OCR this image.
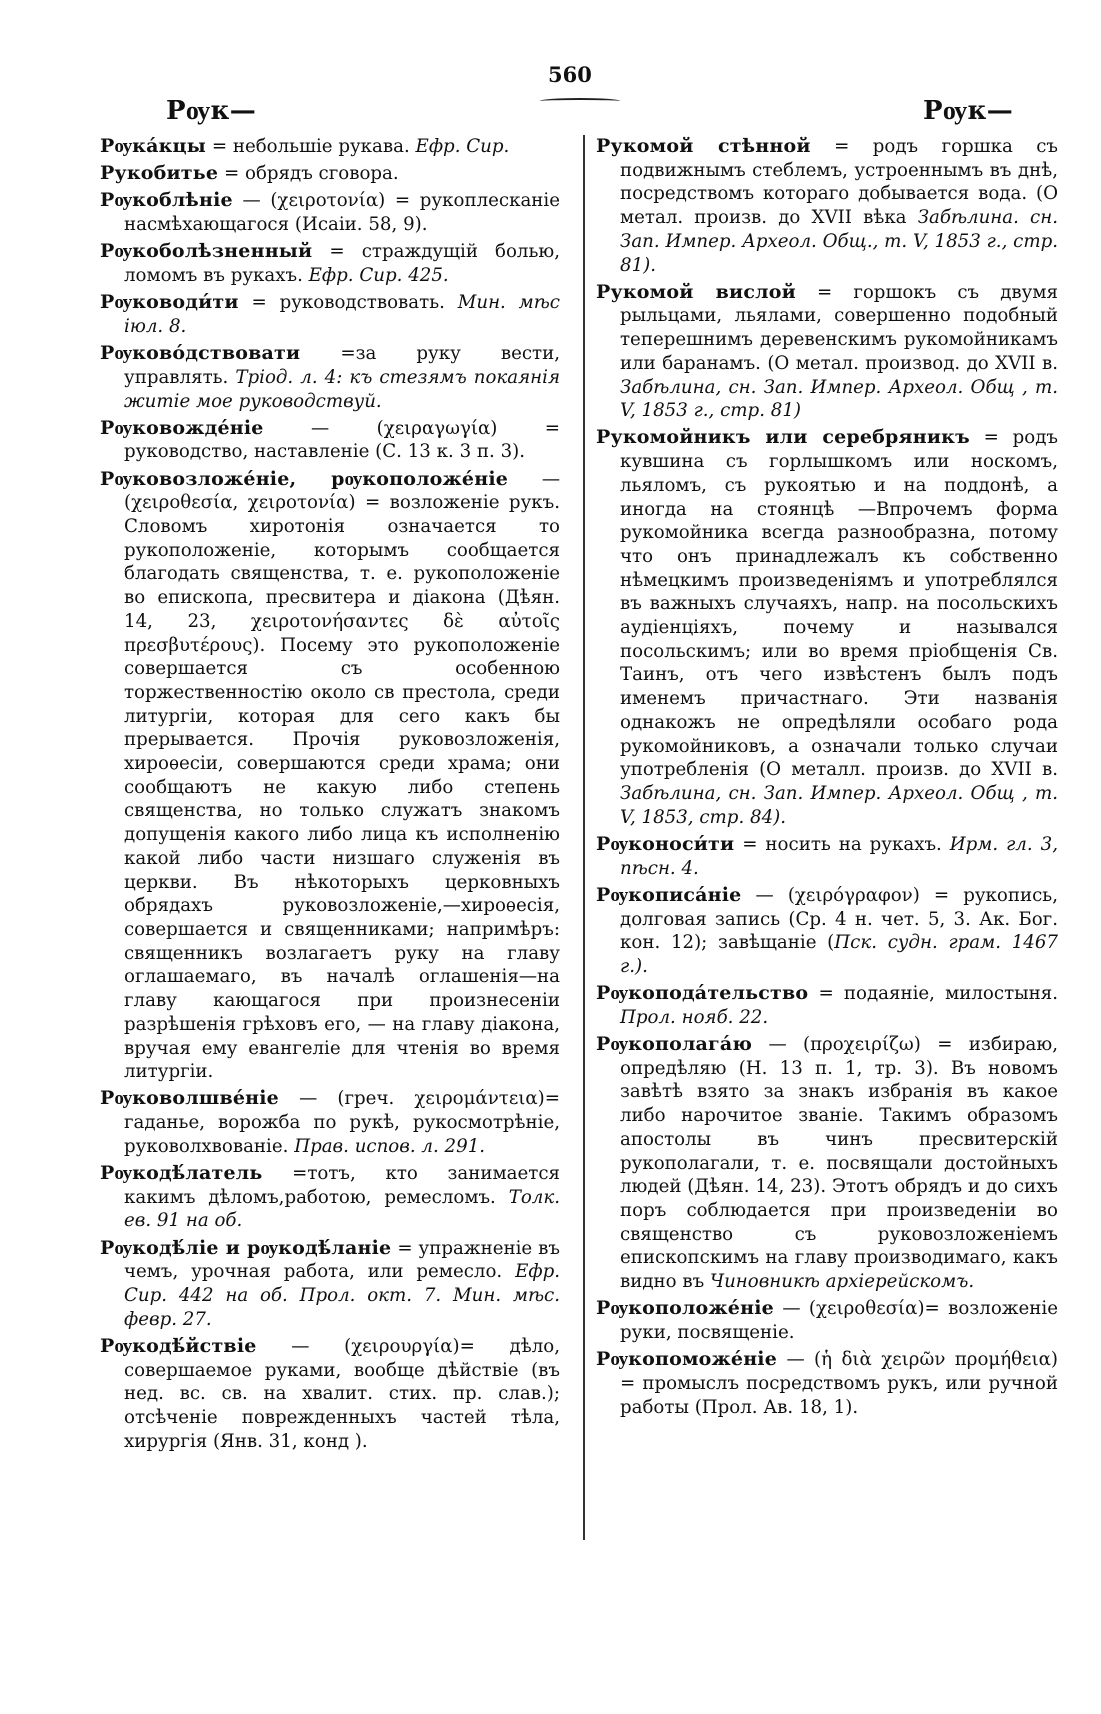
560
Рѹк—	Рѹк—

Рѹкáкцы = небольшiе рукава. Ефр. Сир.

Рукобитье = обрядъ сговора.

Рѹкоблѣнiе — (χειροτονία) = рукоплесканiе насмѣхающагося (Исаiи. 58, 9).

Рѹкоболѣзненный = страждущiй болью, ломомъ въ рукахъ. Ефр. Сир. 425.

Рѹководи́ти = руководствовать. Мин. мѣс iюл. 8.

Рѹково́дствовати =за руку вести, управлять. Трiод. л. 4: къ стезямъ покаянiя житiе мое руководствуй.

Рѹковожде́нiе	— (χειραγωγία) = руководство, наставленiе (С. 13 к. 3 п. 3).

Рѹковозложе́нiе, рѹкоположе́нiе —(χειροθεσία, χειροτονία) = возложенiе рукъ. Словомъ хиротонiя означается то рукоположенiе, которымъ сообщается благодать священства, т. е. рукоположенiе во епископа, пресвитера и дiакона (Дѣян. 14, 23, χειροτονήσαντες δὲ αὐτοῖς πρεσβυτέρους). Посему это рукоположенiе совершается съ особенною торжественностiю около св престола, среди литургiи, которая для сего какъ бы прерывается. Прочiя руковозложенiя, хироѳесiи, совершаются среди храма; они сообщаютъ не какую либо степень священства, но только служатъ знакомъ допущенiя какого либо лица къ исполненiю какой либо части низшаго служенiя въ церкви. Въ нѣкоторыхъ церковныхъ обрядахъ руковозложенiе,—хироѳесiя, совершается и священниками; напримѣръ: священникъ возлагаетъ руку на главу оглашаемаго, въ началѣ оглашенiя—на главу кающагося при произнесенiи разрѣшенiя грѣховъ его, — на главу дiакона, вручая ему евангелiе для чтенiя во время литургiи.

Рѹковолшве́нiе — (греч. χειρομάντεια)= гаданье, ворожба по рукѣ, рукосмотрѣнiе, руковолхвованiе. Прав. испов. л. 291.

Рѹкодѣ́латель =тотъ, кто занимается какимъ дѣломъ,работою, ремесломъ. Толк. ев. 91 на об.

Рѹкодѣ́лiе и рѹкодѣ́ланiе = упражненiе въ чемъ, урочная работа, или ремесло. Ефр. Сир. 442 на об. Прол. окт. 7. Мин. мѣс. февр. 27.

Рѹкодѣ́йствiе — (χειρουργία)= дѣло, совершаемое руками, вообще дѣйствiе (въ нед. вс. св. на хвалит. стих. пр. слав.); отсѣченiе поврежденныхъ частей тѣла, хирургiя (Янв. 31, конд ).

Рукомой стѣнной = родъ горшка съ подвижнымъ стеблемъ, устроеннымъ въ днѣ, посредствомъ котораго добывается вода. (О метал. произв. до XVII вѣка Забѣлина. сн. Зап. Импер. Археол. Общ., т. V, 1853 г., стр. 81).

Рукомой вислой = горшокъ съ двумя рыльцами, льялами, совершенно подобный теперешнимъ деревенскимъ рукомойникамъ или баранамъ. (О метал. производ. до XVII в. Забѣлина, сн. Зап. Импер. Археол. Общ , т. V, 1853 г., стр. 81)

Рукомойникъ или серебряникъ = родъ кувшина съ горлышкомъ или носкомъ, льяломъ, съ рукоятью и на поддонѣ, а иногда на стоянцѣ —Впрочемъ форма рукомойника всегда разнообразна, потому что онъ принадлежалъ къ собственно нѣмецкимъ произведенiямъ и употреблялся въ важныхъ случаяхъ, напр. на посольскихъ аудiенцiяхъ, почему и назывался посольскимъ; или во время прiобщенiя Св. Таинъ, отъ чего извѣстенъ былъ подъ именемъ причастнаго. Эти названiя однакожъ не опредѣляли особаго рода рукомойниковъ, а означали только случаи употребленiя (О металл. произв. до XVII в. Забѣлина, сн. Зап. Импер. Археол. Общ , т. V, 1853, стр. 84).

Рѹконоси́ти = носить на рукахъ. Ирм. гл. 3, пѣсн. 4.

Рѹкописа́нiе — (χειρόγραφον) = рукопись, долговая запись (Ср. 4 н. чет. 5, 3. Ак. Бог. кон. 12); завѣщанiе (Пск. судн. грам. 1467 г.).

Рѹкопода́тельство = подаянiе, милостыня. Прол. нояб. 22.

Рѹкополага́ю — (προχειρίζω) = избираю, опредѣляю (Н. 13 п. 1, тр. 3). Въ новомъ завѣтѣ взято за знакъ избранiя въ какое либо нарочитое званiе. Такимъ образомъ апостолы въ чинъ пресвитерскiй рукополагали, т. е. посвящали достойныхъ людей (Дѣян. 14, 23). Этотъ обрядъ и до сихъ поръ соблюдается при произведенiи во священство съ руковозложенiемъ епископскимъ на главу производимаго, какъ видно въ Чиновникѣ архiерейскомъ.

Рѹкоположе́нiе — (χειροθεσία)= возложенiе руки, посвященiе.

Рѹкопоможе́нiе — (ἡ διὰ χειρῶν προμήθεια) = промыслъ посредствомъ рукъ, или ручной работы (Прол. Ав. 18, 1).
